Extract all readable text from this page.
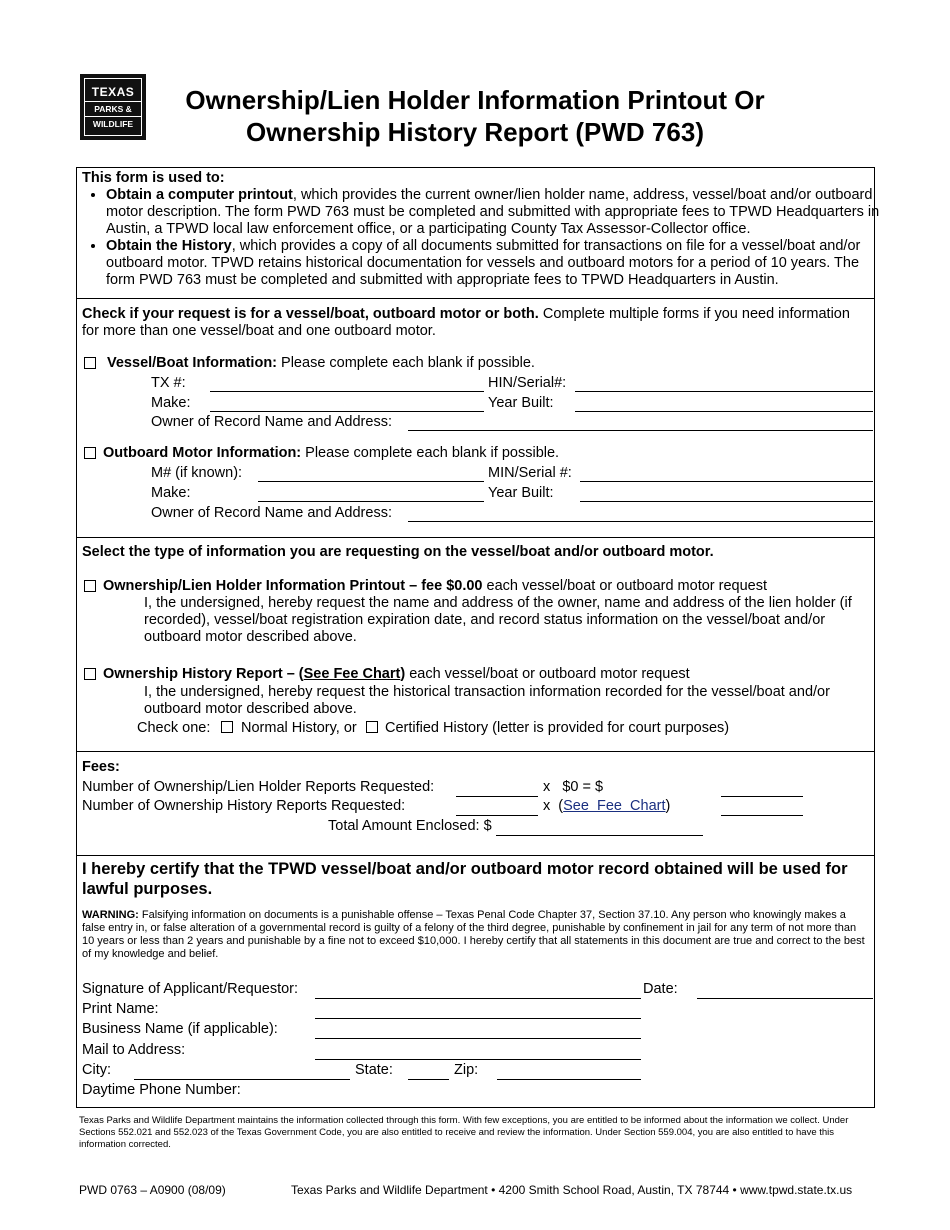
TEXAS
PARKS &
WILDLIFE
Ownership/Lien Holder Information Printout Or
Ownership History Report (PWD 763)
This form is used to:
• Obtain a computer printout, which provides the current owner/lien holder name, address, vessel/boat and/or outboard motor description. The form PWD 763 must be completed and submitted with appropriate fees to TPWD Headquarters in Austin, a TPWD local law enforcement office, or a participating County Tax Assessor-Collector office.
• Obtain the History, which provides a copy of all documents submitted for transactions on file for a vessel/boat and/or outboard motor. TPWD retains historical documentation for vessels and outboard motors for a period of 10 years. The form PWD 763 must be completed and submitted with appropriate fees to TPWD Headquarters in Austin.
Check if your request is for a vessel/boat, outboard motor or both. Complete multiple forms if you need information for more than one vessel/boat and one outboard motor.
Vessel/Boat Information: Please complete each blank if possible.
TX #:	HIN/Serial#:
Make:	Year Built:
Owner of Record Name and Address:
Outboard Motor Information: Please complete each blank if possible.
M# (if known):	MIN/Serial #:
Make:	Year Built:
Owner of Record Name and Address:
Select the type of information you are requesting on the vessel/boat and/or outboard motor.
Ownership/Lien Holder Information Printout – fee $0.00 each vessel/boat or outboard motor request
I, the undersigned, hereby request the name and address of the owner, name and address of the lien holder (if recorded), vessel/boat registration expiration date, and record status information on the vessel/boat and/or outboard motor described above.
Ownership History Report – (See Fee Chart) each vessel/boat or outboard motor request
I, the undersigned, hereby request the historical transaction information recorded for the vessel/boat and/or outboard motor described above.
Check one: Normal History, or Certified History (letter is provided for court purposes)
Fees:
Number of Ownership/Lien Holder Reports Requested:	x   $0 = $
Number of Ownership History Reports Requested:	x  (See  Fee  Chart)
Total Amount Enclosed: $
I hereby certify that the TPWD vessel/boat and/or outboard motor record obtained will be used for lawful purposes.
WARNING: Falsifying information on documents is a punishable offense – Texas Penal Code Chapter 37, Section 37.10. Any person who knowingly makes a false entry in, or false alteration of a governmental record is guilty of a felony of the third degree, punishable by confinement in jail for any term of not more than 10 years or less than 2 years and punishable by a fine not to exceed $10,000. I hereby certify that all statements in this document are true and correct to the best of my knowledge and belief.
Signature of Applicant/Requestor:	Date:
Print Name:
Business Name (if applicable):
Mail to Address:
City:	State:	Zip:
Daytime Phone Number:
Texas Parks and Wildlife Department maintains the information collected through this form. With few exceptions, you are entitled to be informed about the information we collect. Under Sections 552.021 and 552.023 of the Texas Government Code, you are also entitled to receive and review the information. Under Section 559.004, you are also entitled to have this information corrected.
PWD 0763 – A0900 (08/09)	Texas Parks and Wildlife Department • 4200 Smith School Road, Austin, TX 78744 • www.tpwd.state.tx.us
